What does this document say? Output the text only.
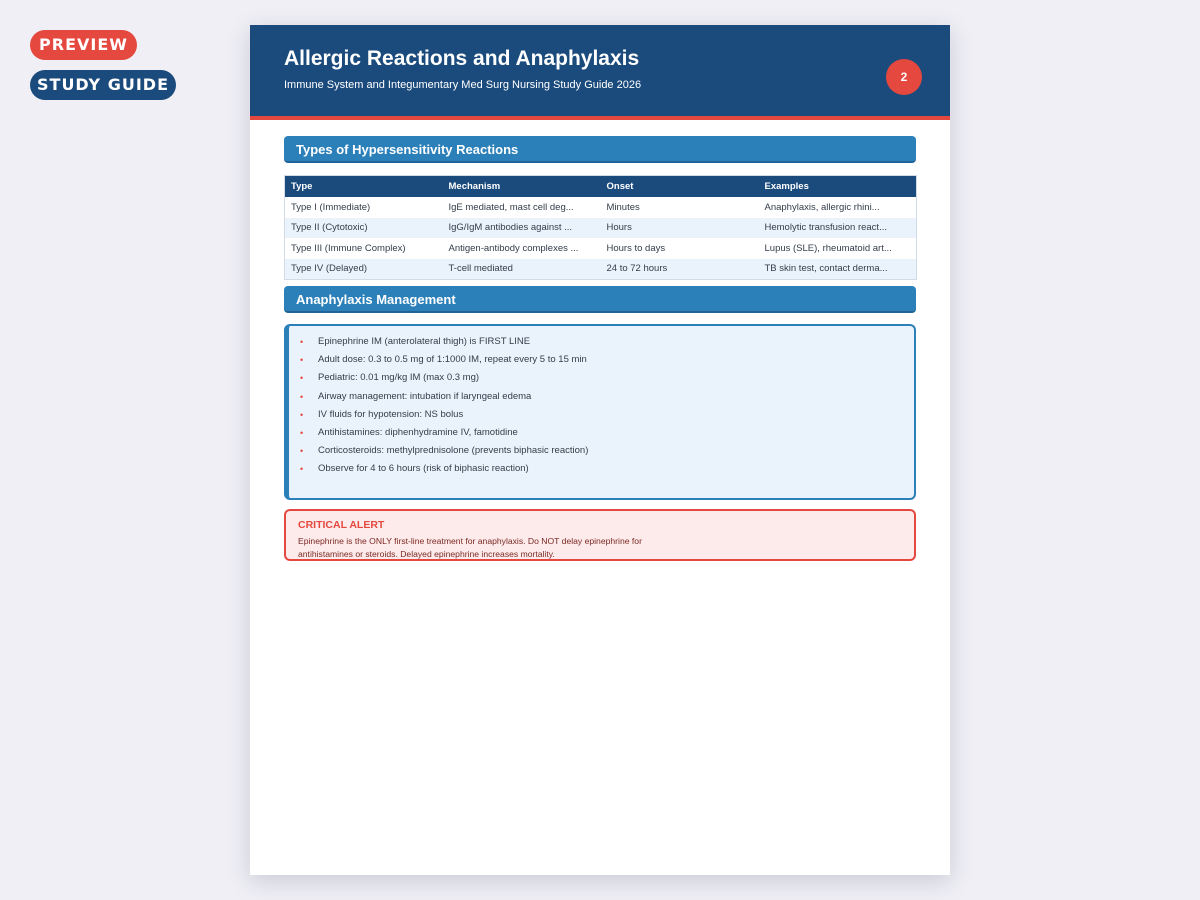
PREVIEW
STUDY GUIDE
Allergic Reactions and Anaphylaxis
Immune System and Integumentary Med Surg Nursing Study Guide 2026
2
Types of Hypersensitivity Reactions
Type	Mechanism	Onset	Examples
Type I (Immediate)	IgE mediated, mast cell deg...	Minutes	Anaphylaxis, allergic rhini...
Type II (Cytotoxic)	IgG/IgM antibodies against ...	Hours	Hemolytic transfusion react...
Type III (Immune Complex)	Antigen-antibody complexes ...	Hours to days	Lupus (SLE), rheumatoid art...
Type IV (Delayed)	T-cell mediated	24 to 72 hours	TB skin test, contact derma...
Anaphylaxis Management
• Epinephrine IM (anterolateral thigh) is FIRST LINE
• Adult dose: 0.3 to 0.5 mg of 1:1000 IM, repeat every 5 to 15 min
• Pediatric: 0.01 mg/kg IM (max 0.3 mg)
• Airway management: intubation if laryngeal edema
• IV fluids for hypotension: NS bolus
• Antihistamines: diphenhydramine IV, famotidine
• Corticosteroids: methylprednisolone (prevents biphasic reaction)
• Observe for 4 to 6 hours (risk of biphasic reaction)
CRITICAL ALERT
Epinephrine is the ONLY first-line treatment for anaphylaxis. Do NOT delay epinephrine for antihistamines or steroids. Delayed epinephrine increases mortality.
